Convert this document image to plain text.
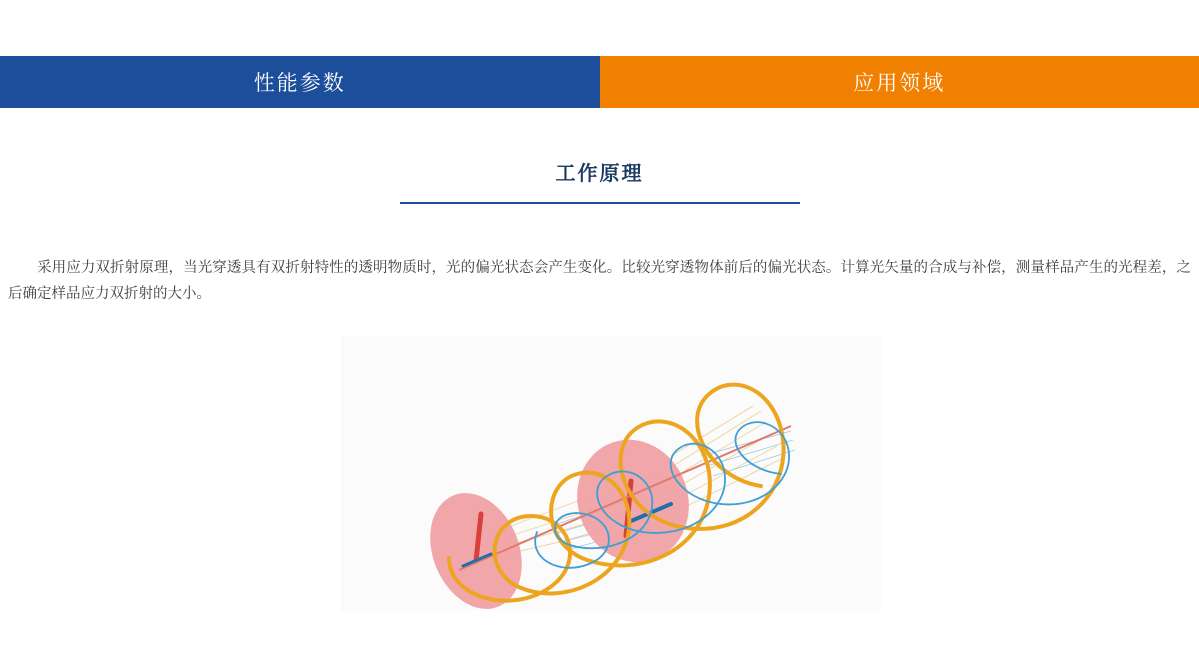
性能参数	应用领域
工作原理
采用应力双折射原理，当光穿透具有双折射特性的透明物质时，光的偏光状态会产生变化。比较光穿透物体前后的偏光状态。计算光矢量的合成与补偿，测量样品产生的光程差，之后确定样品应力双折射的大小。
